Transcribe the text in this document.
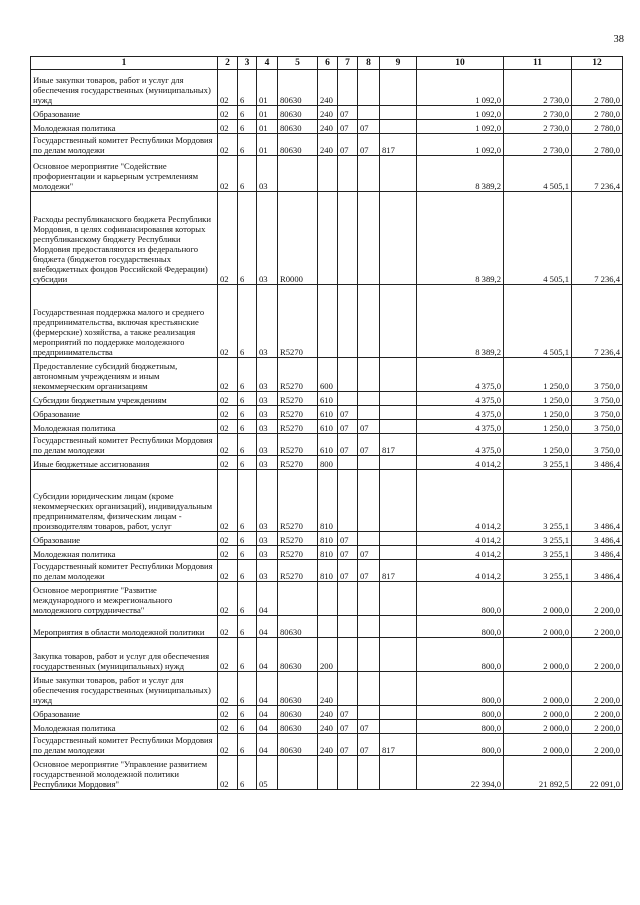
38
1	2	3	4	5	6	7	8	9	10	11	12
Иные закупки товаров, работ и услуг для обеспечения государственных (муниципальных) нужд	02	6	01	80630	240				1 092,0	2 730,0	2 780,0
Образование	02	6	01	80630	240	07			1 092,0	2 730,0	2 780,0
Молодежная политика	02	6	01	80630	240	07	07		1 092,0	2 730,0	2 780,0
Государственный комитет Республики Мордовия по делам молодежи	02	6	01	80630	240	07	07	817	1 092,0	2 730,0	2 780,0
Основное мероприятие "Содействие профориентации и карьерным устремлениям молодежи"	02	6	03						8 389,2	4 505,1	7 236,4
Расходы республиканского бюджета Республики Мордовия, в целях софинансирования которых республиканскому бюджету Республики Мордовия предоставляются из федерального бюджета (бюджетов государственных внебюджетных фондов Российской Федерации) субсидии	02	6	03	R0000					8 389,2	4 505,1	7 236,4
Государственная поддержка малого и среднего предпринимательства, включая крестьянские (фермерские) хозяйства, а также реализация мероприятий по поддержке молодежного предпринимательства	02	6	03	R5270					8 389,2	4 505,1	7 236,4
Предоставление субсидий бюджетным, автономным учреждениям и иным некоммерческим организациям	02	6	03	R5270	600				4 375,0	1 250,0	3 750,0
Субсидии бюджетным учреждениям	02	6	03	R5270	610				4 375,0	1 250,0	3 750,0
Образование	02	6	03	R5270	610	07			4 375,0	1 250,0	3 750,0
Молодежная политика	02	6	03	R5270	610	07	07		4 375,0	1 250,0	3 750,0
Государственный комитет Республики Мордовия по делам молодежи	02	6	03	R5270	610	07	07	817	4 375,0	1 250,0	3 750,0
Иные бюджетные ассигнования	02	6	03	R5270	800				4 014,2	3 255,1	3 486,4
Субсидии юридическим лицам (кроме некоммерческих организаций), индивидуальным предпринимателям, физическим лицам - производителям товаров, работ, услуг	02	6	03	R5270	810				4 014,2	3 255,1	3 486,4
Образование	02	6	03	R5270	810	07			4 014,2	3 255,1	3 486,4
Молодежная политика	02	6	03	R5270	810	07	07		4 014,2	3 255,1	3 486,4
Государственный комитет Республики Мордовия по делам молодежи	02	6	03	R5270	810	07	07	817	4 014,2	3 255,1	3 486,4
Основное мероприятие "Развитие международного и межрегионального молодежного сотрудничества"	02	6	04						800,0	2 000,0	2 200,0
Мероприятия в области молодежной политики	02	6	04	80630					800,0	2 000,0	2 200,0
Закупка товаров, работ и услуг для обеспечения государственных (муниципальных) нужд	02	6	04	80630	200				800,0	2 000,0	2 200,0
Иные закупки товаров, работ и услуг для обеспечения государственных (муниципальных) нужд	02	6	04	80630	240				800,0	2 000,0	2 200,0
Образование	02	6	04	80630	240	07			800,0	2 000,0	2 200,0
Молодежная политика	02	6	04	80630	240	07	07		800,0	2 000,0	2 200,0
Государственный комитет Республики Мордовия по делам молодежи	02	6	04	80630	240	07	07	817	800,0	2 000,0	2 200,0
Основное мероприятие "Управление развитием государственной молодежной политики Республики Мордовия"	02	6	05						22 394,0	21 892,5	22 091,0
